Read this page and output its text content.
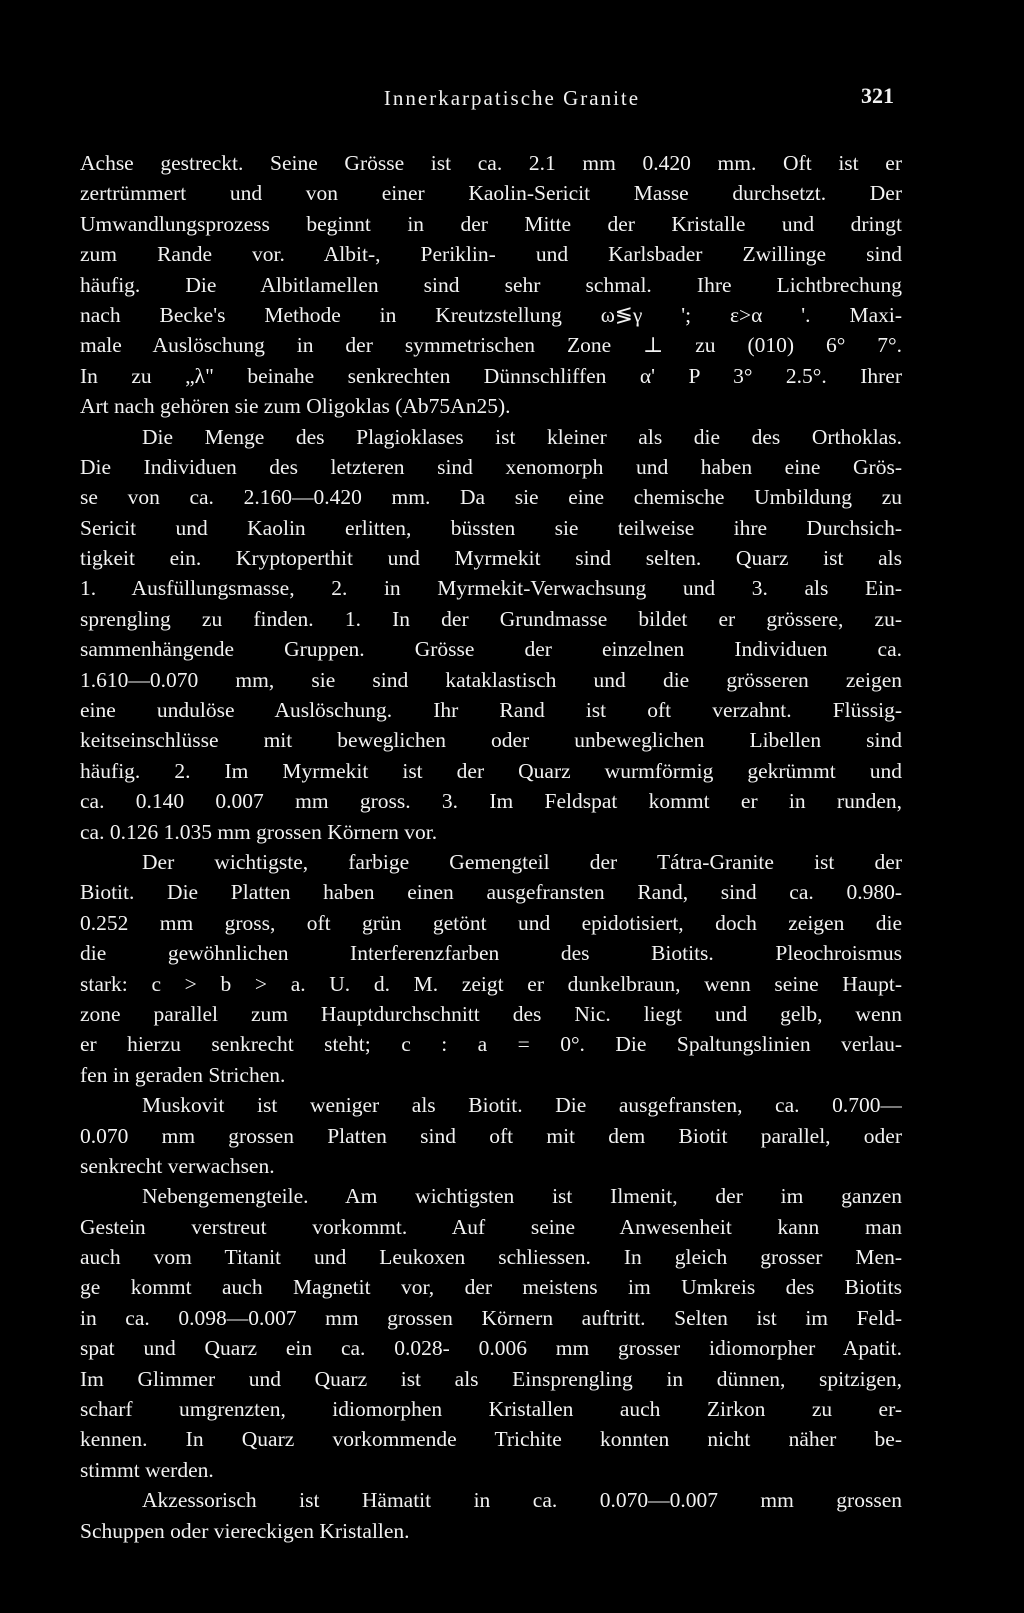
Innerkarpatische Granite	321
Achse gestreckt. Seine Grösse ist ca. 2.1 mm 0.420 mm. Oft ist er
zertrümmert und von einer Kaolin-Sericit Masse durchsetzt. Der
Umwandlungsprozess beginnt in der Mitte der Kristalle und dringt
zum Rande vor. Albit-, Periklin- und Karlsbader Zwillinge sind
häufig. Die Albitlamellen sind sehr schmal. Ihre Lichtbrechung
nach Becke's Methode in Kreutzstellung ω≶γ '; ε>α '. Maxi-
male Auslöschung in der symmetrischen Zone ⊥ zu (010) 6° 7°.
In zu „λ" beinahe senkrechten Dünnschliffen α' P 3° 2.5°. Ihrer
Art nach gehören sie zum Oligoklas (Ab75An25).
Die Menge des Plagioklases ist kleiner als die des Orthoklas.
Die Individuen des letzteren sind xenomorph und haben eine Grös-
se von ca. 2.160—0.420 mm. Da sie eine chemische Umbildung zu
Sericit und Kaolin erlitten, büssten sie teilweise ihre Durchsich-
tigkeit ein. Kryptoperthit und Myrmekit sind selten. Quarz ist als
1. Ausfüllungsmasse, 2. in Myrmekit-Verwachsung und 3. als Ein-
sprengling zu finden. 1. In der Grundmasse bildet er grössere, zu-
sammenhängende Gruppen. Grösse der einzelnen Individuen ca.
1.610—0.070 mm, sie sind kataklastisch und die grösseren zeigen
eine undulöse Auslöschung. Ihr Rand ist oft verzahnt. Flüssig-
keitseinschlüsse mit beweglichen oder unbeweglichen Libellen sind
häufig. 2. Im Myrmekit ist der Quarz wurmförmig gekrümmt und
ca. 0.140 0.007 mm gross. 3. Im Feldspat kommt er in runden,
ca. 0.126 1.035 mm grossen Körnern vor.
Der wichtigste, farbige Gemengteil der Tátra-Granite ist der
Biotit. Die Platten haben einen ausgefransten Rand, sind ca. 0.980-
0.252 mm gross, oft grün getönt und epidotisiert, doch zeigen die
die gewöhnlichen Interferenzfarben des Biotits. Pleochroismus
stark: c > b > a. U. d. M. zeigt er dunkelbraun, wenn seine Haupt-
zone parallel zum Hauptdurchschnitt des Nic. liegt und gelb, wenn
er hierzu senkrecht steht; c : a = 0°. Die Spaltungslinien verlau-
fen in geraden Strichen.
Muskovit ist weniger als Biotit. Die ausgefransten, ca. 0.700—
0.070 mm grossen Platten sind oft mit dem Biotit parallel, oder
senkrecht verwachsen.
Nebengemengteile. Am wichtigsten ist Ilmenit, der im ganzen
Gestein verstreut vorkommt. Auf seine Anwesenheit kann man
auch vom Titanit und Leukoxen schliessen. In gleich grosser Men-
ge kommt auch Magnetit vor, der meistens im Umkreis des Biotits
in ca. 0.098—0.007 mm grossen Körnern auftritt. Selten ist im Feld-
spat und Quarz ein ca. 0.028- 0.006 mm grosser idiomorpher Apatit.
Im Glimmer und Quarz ist als Einsprengling in dünnen, spitzigen,
scharf umgrenzten, idiomorphen Kristallen auch Zirkon zu er-
kennen. In Quarz vorkommende Trichite konnten nicht näher be-
stimmt werden.
Akzessorisch ist Hämatit in ca. 0.070—0.007 mm grossen
Schuppen oder viereckigen Kristallen.
